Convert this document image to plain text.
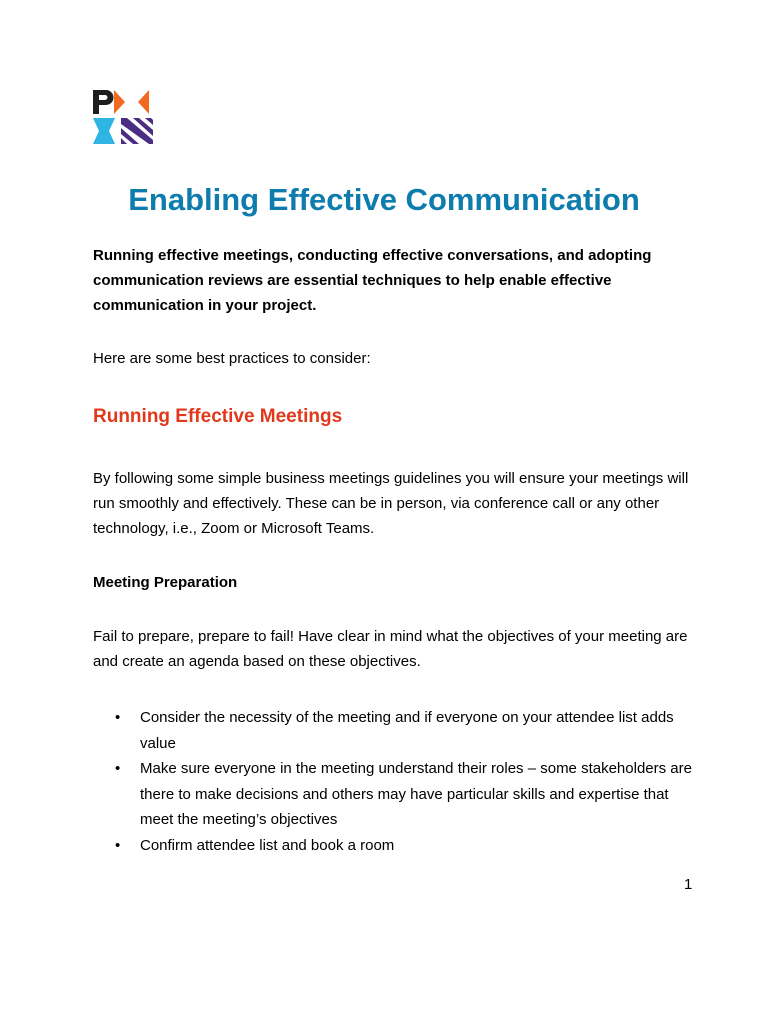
Enabling Effective Communication

Running effective meetings, conducting effective conversations, and adopting communication reviews are essential techniques to help enable effective communication in your project.

Here are some best practices to consider:

Running Effective Meetings

By following some simple business meetings guidelines you will ensure your meetings will run smoothly and effectively. These can be in person, via conference call or any other technology, i.e., Zoom or Microsoft Teams.

Meeting Preparation

Fail to prepare, prepare to fail! Have clear in mind what the objectives of your meeting are and create an agenda based on these objectives.

• Consider the necessity of the meeting and if everyone on your attendee list adds value
• Make sure everyone in the meeting understand their roles – some stakeholders are there to make decisions and others may have particular skills and expertise that meet the meeting’s objectives
• Confirm attendee list and book a room
1
